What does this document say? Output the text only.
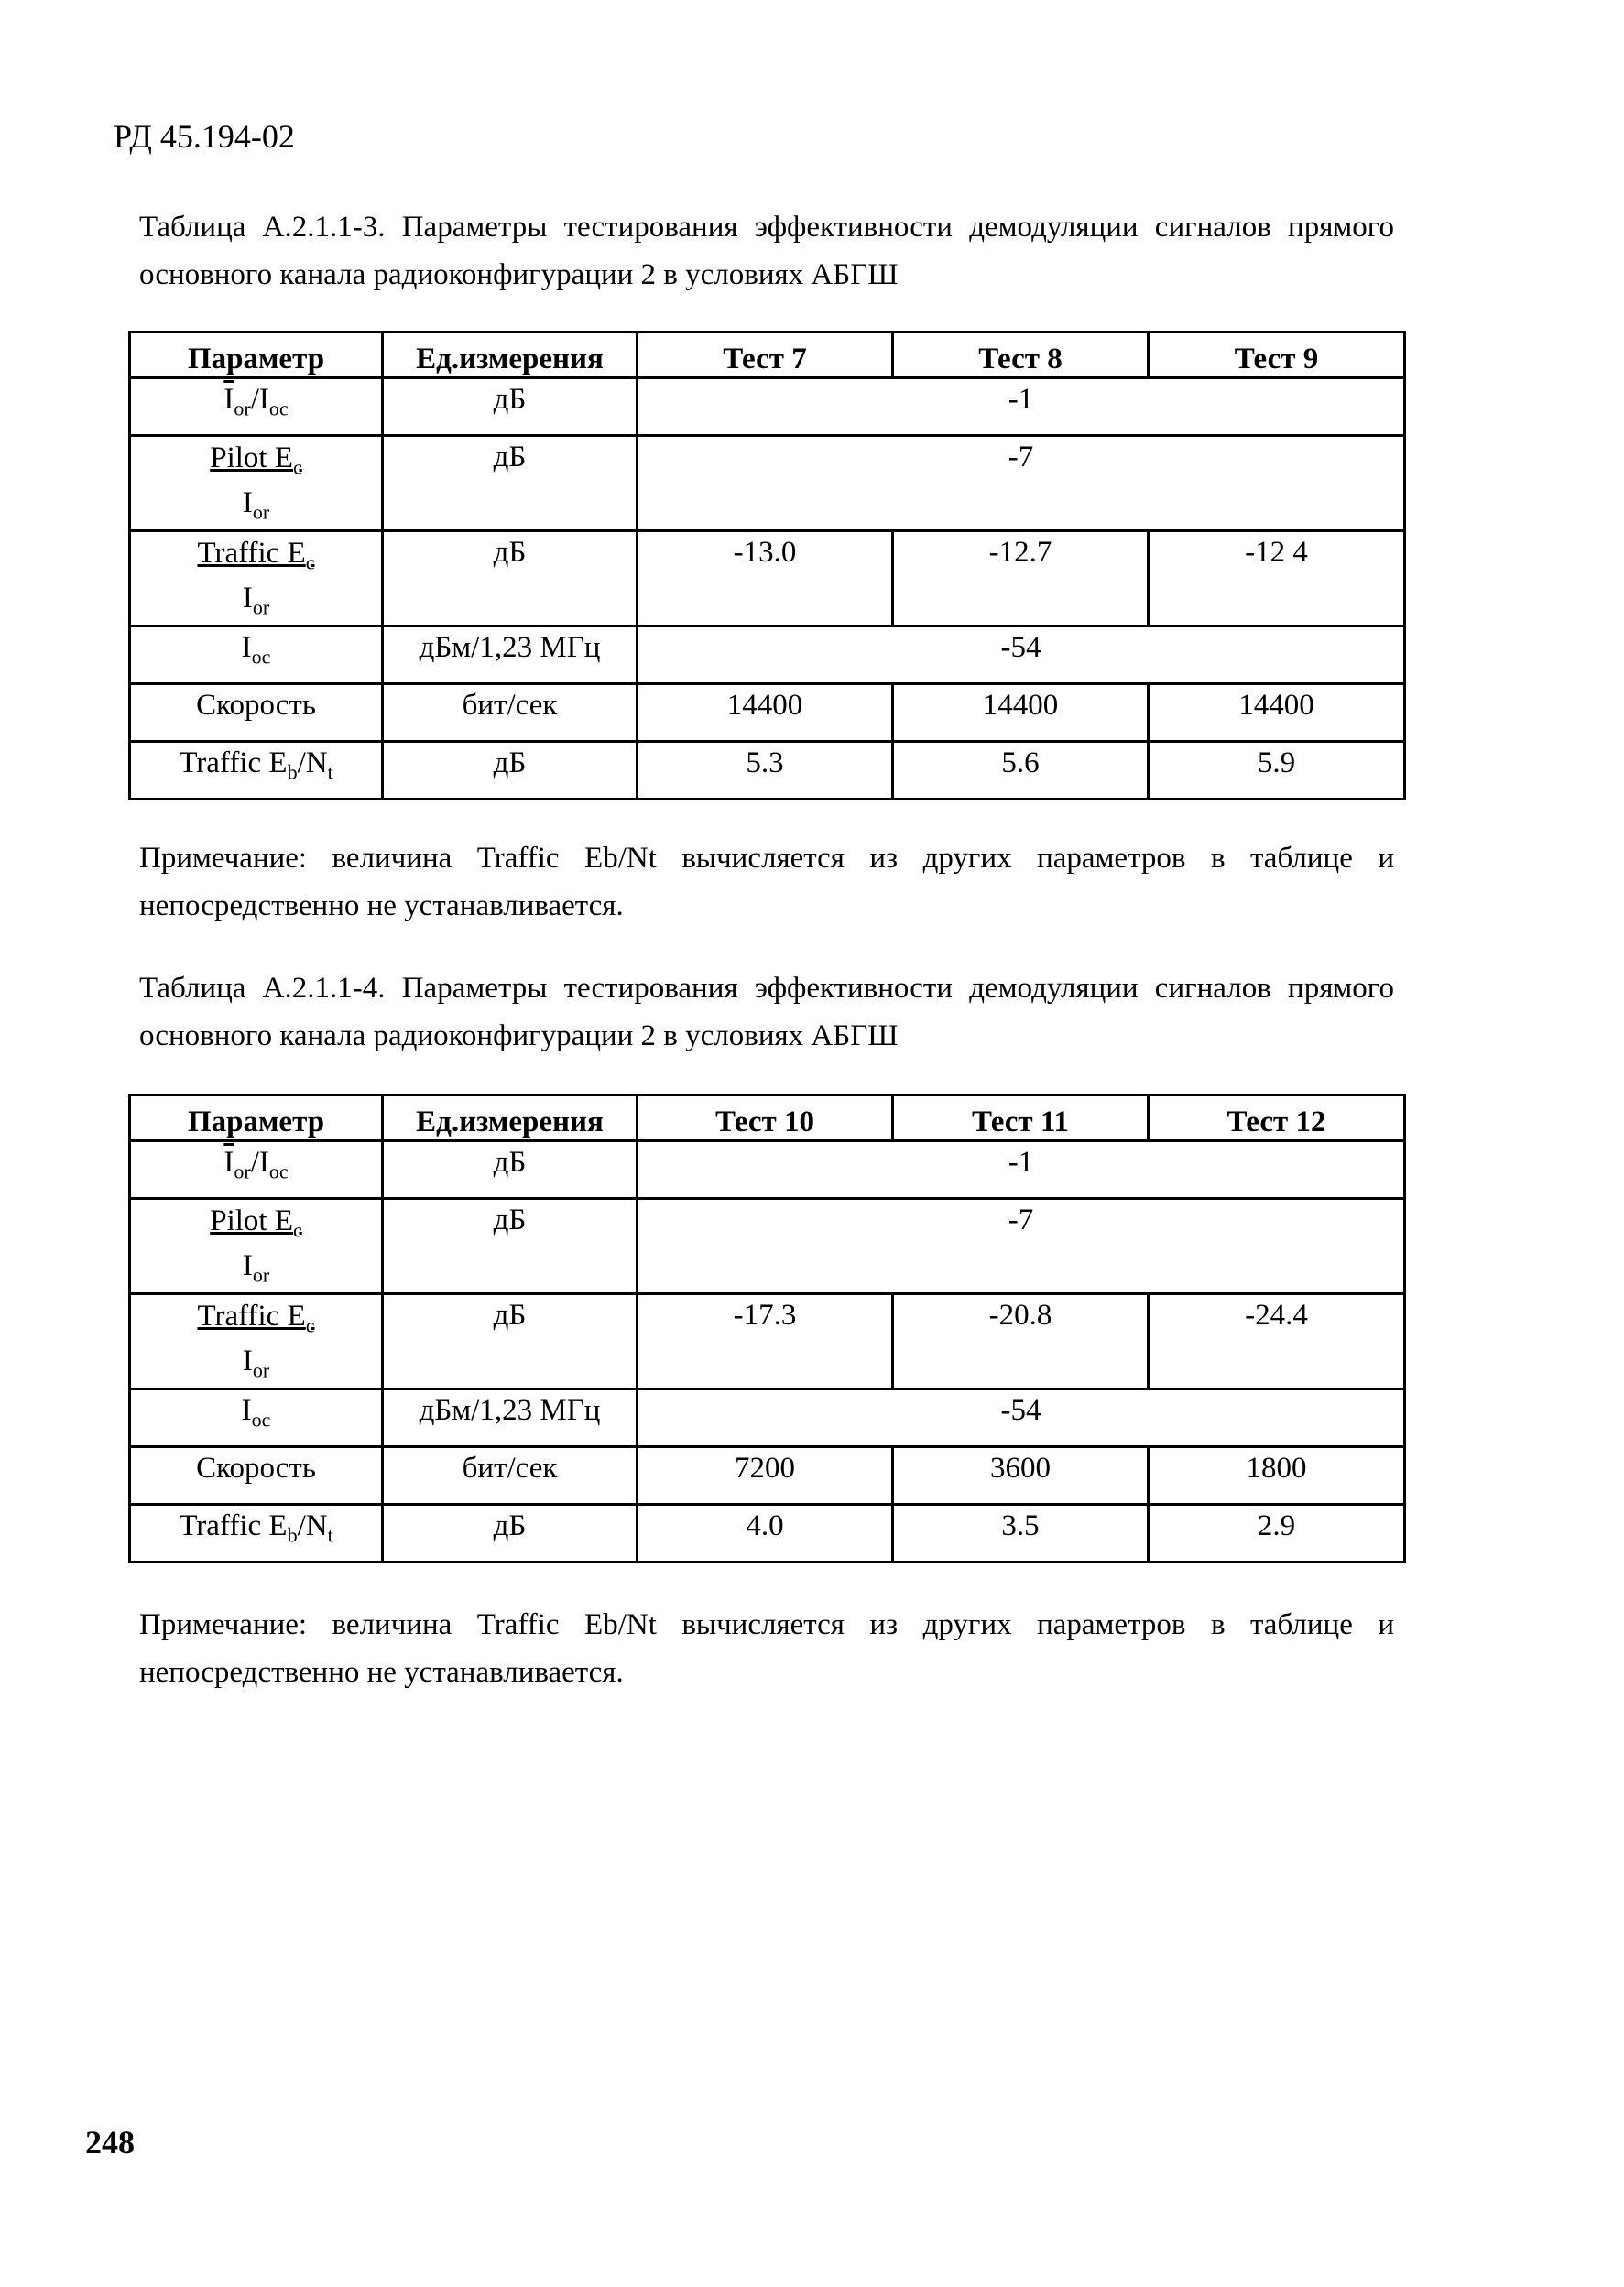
РД 45.194-02
Таблица А.2.1.1-3. Параметры тестирования эффективности демодуляции сигналов прямого основного канала радиоконфигурации 2 в условиях АБГШ
Параметр	Ед.измерения	Тест 7	Тест 8	Тест 9
$\overline{I}_{or}/I_{oc}$	дБ	-1		

Pilot $E_c$
$I_{or}$	дБ	-7		

Traffic $E_c$
$I_{or}$	дБ	-13.0	-12.7	-12 4
$I_{oc}$	дБм/1,23 МГц	-54		
Скорость	бит/сек	14400	14400	14400
Traffic $E_b/N_t$	дБ	5.3	5.6	5.9
Примечание: величина Traffic Eb/Nt вычисляется из других параметров в таблице и непосредственно не устанавливается.
Таблица А.2.1.1-4. Параметры тестирования эффективности демодуляции сигналов прямого основного канала радиоконфигурации 2 в условиях АБГШ
Параметр	Ед.измерения	Тест 10	Тест 11	Тест 12
$\overline{I}_{or}/I_{oc}$	дБ	-1		

Pilot $E_c$
$I_{or}$	дБ	-7		

Traffic $E_c$
$I_{or}$	дБ	-17.3	-20.8	-24.4
$I_{oc}$	дБм/1,23 МГц	-54		
Скорость	бит/сек	7200	3600	1800
Traffic $E_b/N_t$	дБ	4.0	3.5	2.9
Примечание: величина Traffic Eb/Nt вычисляется из других параметров в таблице и непосредственно не устанавливается.
248
